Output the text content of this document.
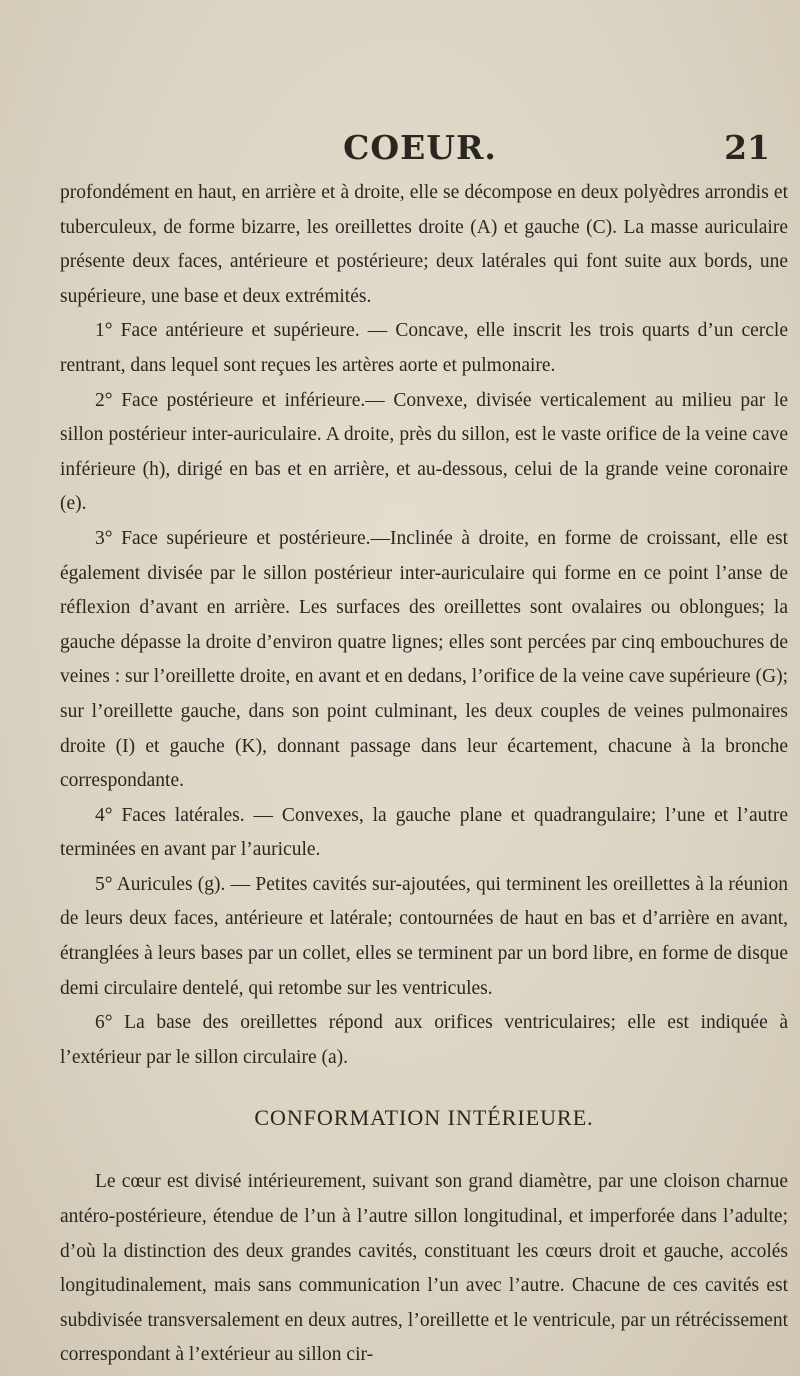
COEUR.	21

profondément en haut, en arrière et à droite, elle se décompose en deux polyèdres arrondis et tuberculeux, de forme bizarre, les oreillettes droite (A) et gauche (C). La masse auriculaire présente deux faces, antérieure et postérieure; deux latérales qui font suite aux bords, une supérieure, une base et deux extrémités.

1° Face antérieure et supérieure. — Concave, elle inscrit les trois quarts d’un cercle rentrant, dans lequel sont reçues les artères aorte et pulmonaire.

2° Face postérieure et inférieure.— Convexe, divisée verticalement au milieu par le sillon postérieur inter-auriculaire. A droite, près du sillon, est le vaste orifice de la veine cave inférieure (h), dirigé en bas et en arrière, et au-dessous, celui de la grande veine coronaire (e).

3° Face supérieure et postérieure.—Inclinée à droite, en forme de croissant, elle est également divisée par le sillon postérieur inter-auriculaire qui forme en ce point l’anse de réflexion d’avant en arrière. Les surfaces des oreillettes sont ovalaires ou oblongues; la gauche dépasse la droite d’environ quatre lignes; elles sont percées par cinq embouchures de veines : sur l’oreillette droite, en avant et en dedans, l’orifice de la veine cave supérieure (G); sur l’oreillette gauche, dans son point culminant, les deux couples de veines pulmonaires droite (I) et gauche (K), donnant passage dans leur écartement, chacune à la bronche correspondante.

4° Faces latérales. — Convexes, la gauche plane et quadrangulaire; l’une et l’autre terminées en avant par l’auricule.

5° Auricules (g). — Petites cavités sur-ajoutées, qui terminent les oreillettes à la réunion de leurs deux faces, antérieure et latérale; contournées de haut en bas et d’arrière en avant, étranglées à leurs bases par un collet, elles se terminent par un bord libre, en forme de disque demi circulaire dentelé, qui retombe sur les ventricules.

6° La base des oreillettes répond aux orifices ventriculaires; elle est indiquée à l’extérieur par le sillon circulaire (a).

CONFORMATION INTÉRIEURE.

Le cœur est divisé intérieurement, suivant son grand diamètre, par une cloison charnue antéro-postérieure, étendue de l’un à l’autre sillon longitudinal, et imperforée dans l’adulte; d’où la distinction des deux grandes cavités, constituant les cœurs droit et gauche, accolés longitudinalement, mais sans communication l’un avec l’autre. Chacune de ces cavités est subdivisée transversalement en deux autres, l’oreillette et le ventricule, par un rétrécissement correspondant à l’extérieur au sillon cir-
